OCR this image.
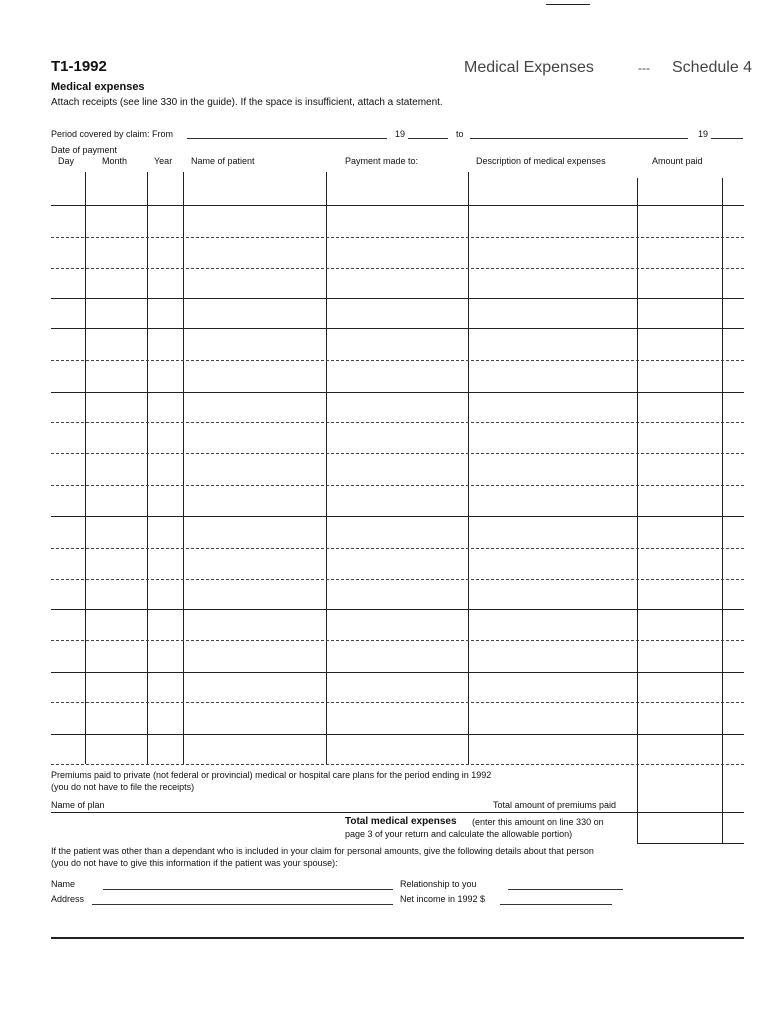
T1-1992	Medical Expenses	--- Schedule 4
Medical expenses
Attach receipts (see line 330 in the guide). If the space is insufficient, attach a statement.
Period covered by claim: From	19	to	19
Date of payment
Day	Month	Year Name of patient	Payment made to:	Description of medical expenses	Amount paid
Premiums paid to private (not federal or provincial) medical or hospital care plans for the period ending in 1992
(you do not have to file the receipts)
Name of plan	Total amount of premiums paid
Total medical expenses (enter this amount on line 330 on
page 3 of your return and calculate the allowable portion)
If the patient was other than a dependant who is included in your claim for personal amounts, give the following details about that person
(you do not have to give this information if the patient was your spouse):
Name	Relationship to you
Address	Net income in 1992 $
